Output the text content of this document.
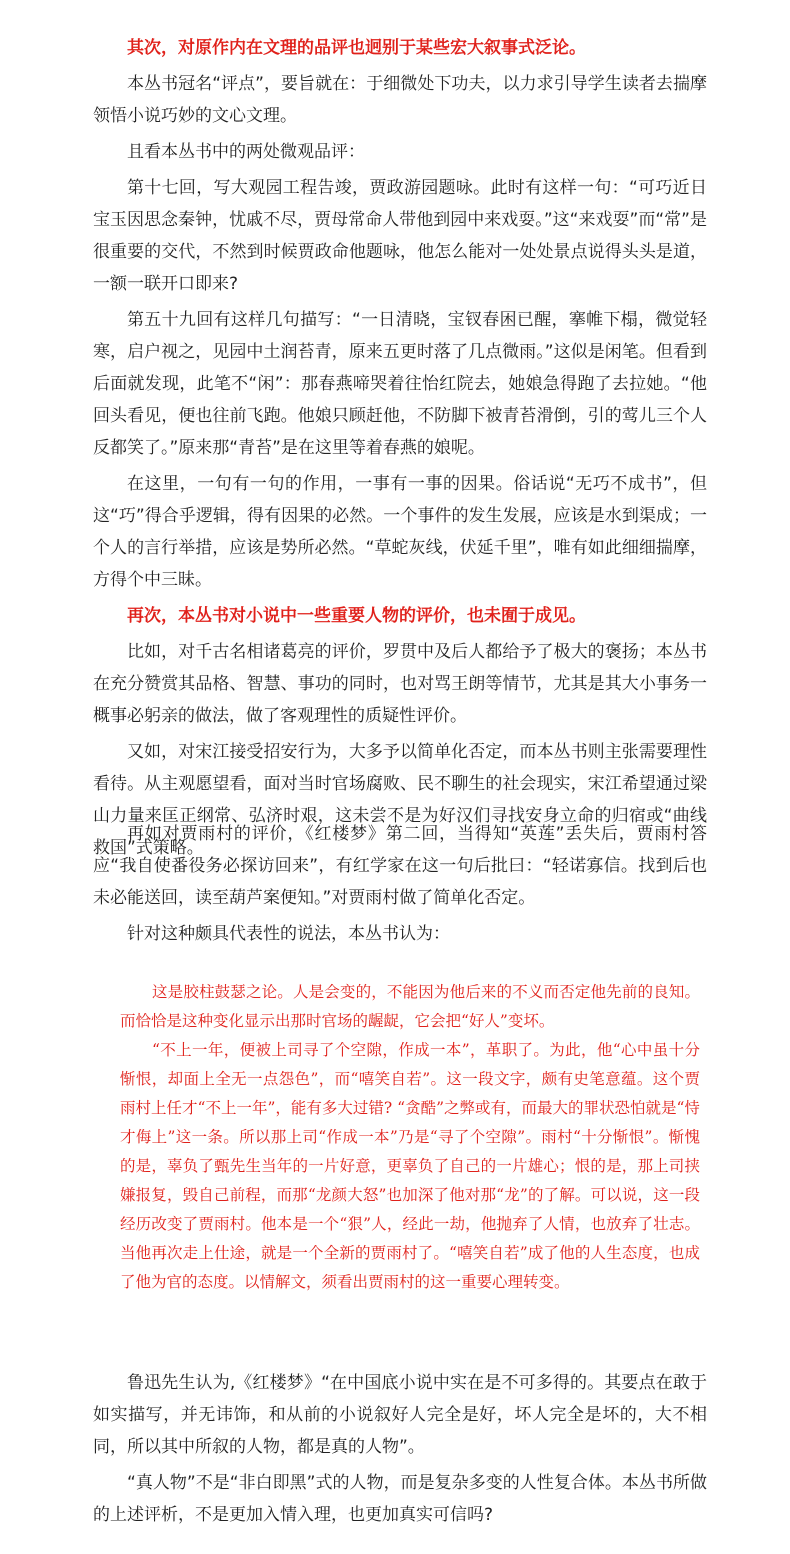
其次，对原作内在文理的品评也迥别于某些宏大叙事式泛论。

本丛书冠名“评点”，要旨就在：于细微处下功夫，以力求引导学生读者去揣摩领悟小说巧妙的文心文理。

且看本丛书中的两处微观品评：

第十七回，写大观园工程告竣，贾政游园题咏。此时有这样一句：“可巧近日宝玉因思念秦钟，忧戚不尽，贾母常命人带他到园中来戏耍。”这“来戏耍”而“常”是很重要的交代，不然到时候贾政命他题咏，他怎么能对一处处景点说得头头是道，一额一联开口即来?

第五十九回有这样几句描写：“一日清晓，宝钗春困已醒，搴帷下榻，微觉轻寒，启户视之，见园中土润苔青，原来五更时落了几点微雨。”这似是闲笔。但看到后面就发现，此笔不“闲”：那春燕啼哭着往怡红院去，她娘急得跑了去拉她。“他回头看见，便也往前飞跑。他娘只顾赶他，不防脚下被青苔滑倒，引的莺儿三个人反都笑了。”原来那“青苔”是在这里等着春燕的娘呢。

在这里，一句有一句的作用，一事有一事的因果。俗话说“无巧不成书”，但这“巧”得合乎逻辑，得有因果的必然。一个事件的发生发展，应该是水到渠成；一个人的言行举措，应该是势所必然。“草蛇灰线，伏延千里”，唯有如此细细揣摩，方得个中三昧。

再次，本丛书对小说中一些重要人物的评价，也未囿于成见。

比如，对千古名相诸葛亮的评价，罗贯中及后人都给予了极大的褒扬；本丛书在充分赞赏其品格、智慧、事功的同时，也对骂王朗等情节，尤其是其大小事务一概事必躬亲的做法，做了客观理性的质疑性评价。

又如，对宋江接受招安行为，大多予以简单化否定，而本丛书则主张需要理性看待。从主观愿望看，面对当时官场腐败、民不聊生的社会现实，宋江希望通过梁山力量来匡正纲常、弘济时艰，这未尝不是为好汉们寻找安身立命的归宿或“曲线救国”式策略。

再如对贾雨村的评价，《红楼梦》第二回，当得知“英莲”丢失后，贾雨村答应“我自使番役务必探访回来”，有红学家在这一句后批曰：“轻诺寡信。找到后也未必能送回，读至葫芦案便知。”对贾雨村做了简单化否定。

针对这种颇具代表性的说法，本丛书认为：

这是胶柱鼓瑟之论。人是会变的，不能因为他后来的不义而否定他先前的良知。而恰恰是这种变化显示出那时官场的龌龊，它会把“好人”变坏。

“不上一年，便被上司寻了个空隙，作成一本”，革职了。为此，他“心中虽十分惭恨，却面上全无一点怨色”，而“嘻笑自若”。这一段文字，颇有史笔意蕴。这个贾雨村上任才“不上一年”，能有多大过错? “贪酷”之弊或有，而最大的罪状恐怕就是“恃才侮上”这一条。所以那上司“作成一本”乃是“寻了个空隙”。雨村“十分惭恨”。惭愧的是，辜负了甄先生当年的一片好意，更辜负了自己的一片雄心；恨的是，那上司挟嫌报复，毁自己前程，而那“龙颜大怒”也加深了他对那“龙”的了解。可以说，这一段经历改变了贾雨村。他本是一个“狠”人，经此一劫，他抛弃了人情，也放弃了壮志。当他再次走上仕途，就是一个全新的贾雨村了。“嘻笑自若”成了他的人生态度，也成了他为官的态度。以情解文，须看出贾雨村的这一重要心理转变。

鲁迅先生认为,《红楼梦》“在中国底小说中实在是不可多得的。其要点在敢于如实描写，并无讳饰，和从前的小说叙好人完全是好，坏人完全是坏的，大不相同，所以其中所叙的人物，都是真的人物”。

“真人物”不是“非白即黑”式的人物，而是复杂多变的人性复合体。本丛书所做的上述评析，不是更加入情入理，也更加真实可信吗?
